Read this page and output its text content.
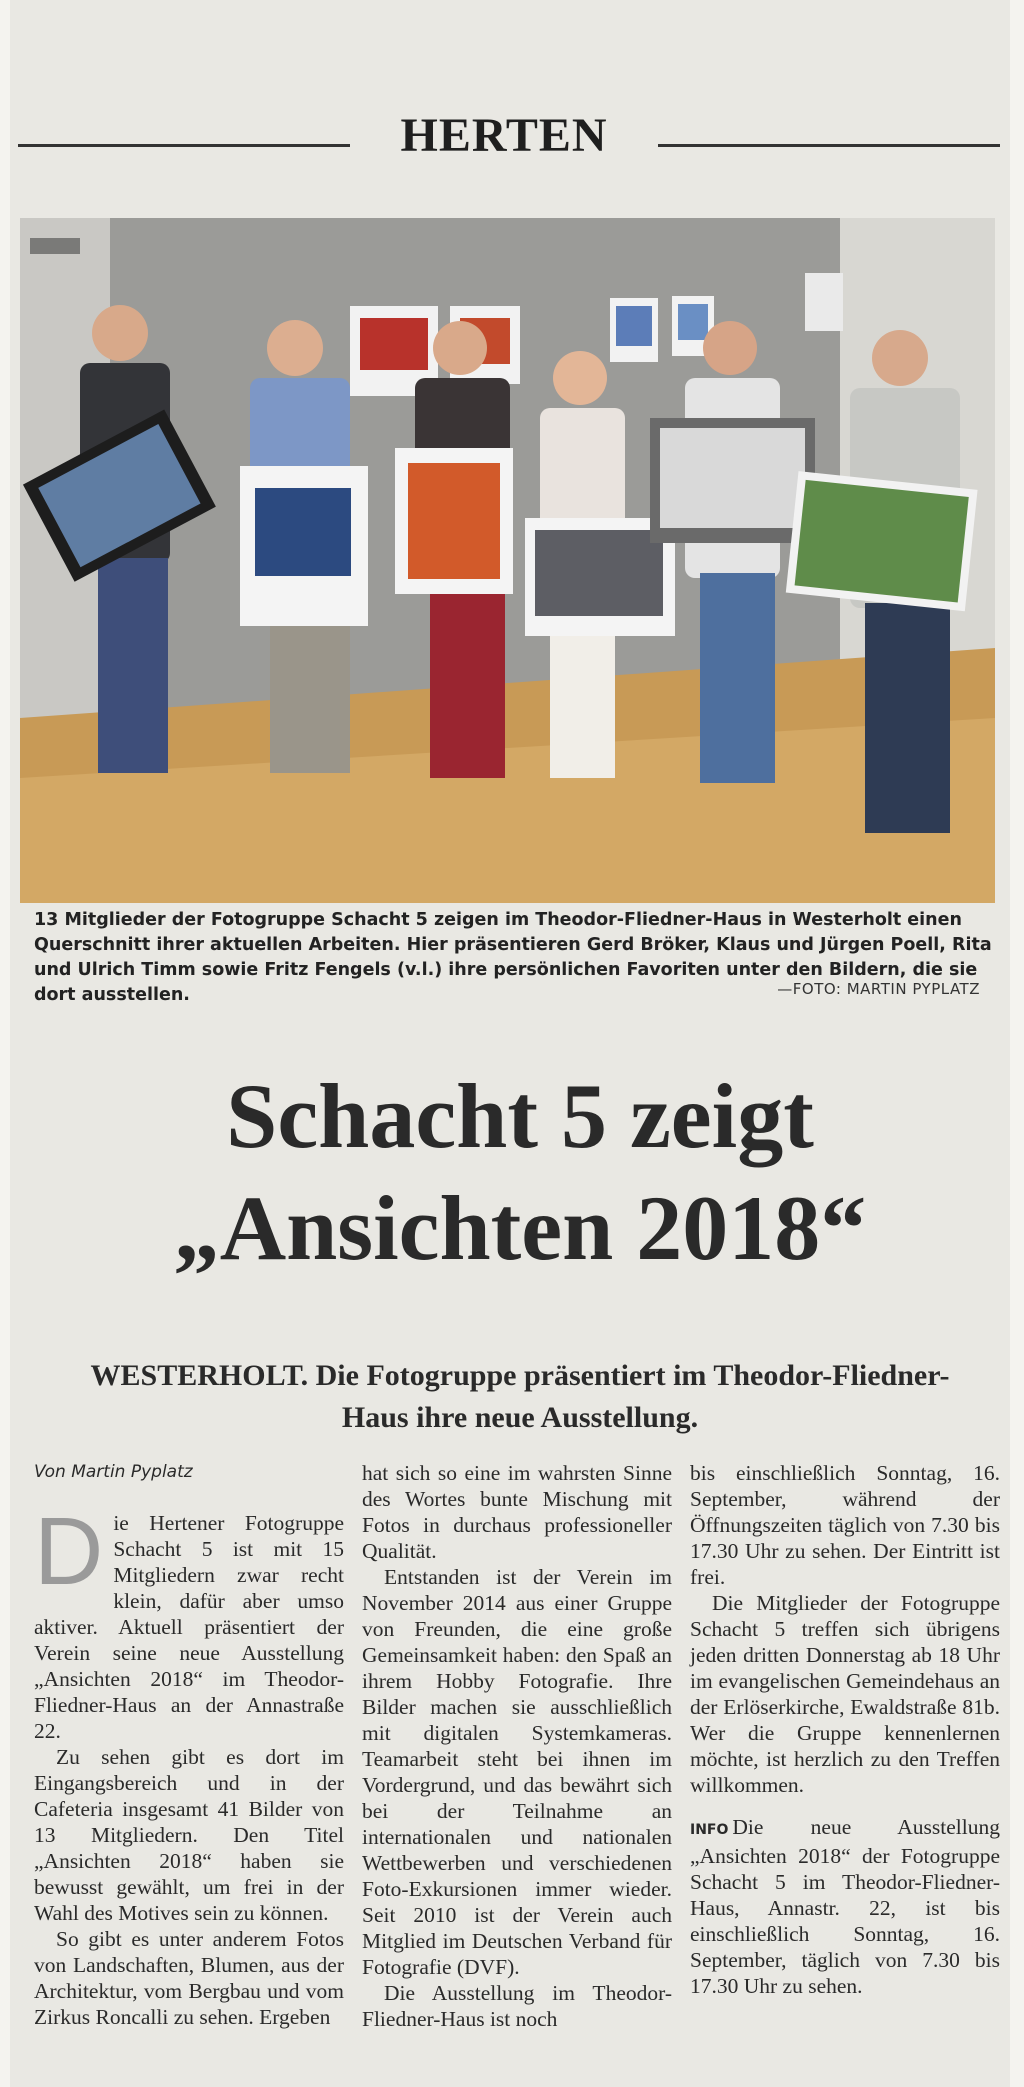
HERTEN
13 Mitglieder der Fotogruppe Schacht 5 zeigen im Theodor-Fliedner-Haus in Westerholt einen Querschnitt ihrer aktuellen Arbeiten. Hier präsentieren Gerd Bröker, Klaus und Jürgen Poell, Rita und Ulrich Timm sowie Fritz Fengels (v.l.) ihre persönlichen Favoriten unter den Bildern, die sie dort ausstellen.	—FOTO: MARTIN PYPLATZ
Schacht 5 zeigt
„Ansichten 2018“
WESTERHOLT. Die Fotogruppe präsentiert im Theodor-Fliedner-Haus ihre neue Ausstellung.
Von Martin Pyplatz

Die Hertener Fotogruppe Schacht 5 ist mit 15 Mitgliedern zwar recht klein, dafür aber umso aktiver. Aktuell präsentiert der Verein seine neue Ausstellung „Ansichten 2018“ im Theodor-Fliedner-Haus an der Annastraße 22.

Zu sehen gibt es dort im Eingangsbereich und in der Cafeteria insgesamt 41 Bilder von 13 Mitgliedern. Den Titel „Ansichten 2018“ haben sie bewusst gewählt, um frei in der Wahl des Motives sein zu können.

So gibt es unter anderem Fotos von Landschaften, Blumen, aus der Architektur, vom Bergbau und vom Zirkus Roncalli zu sehen. Ergeben

hat sich so eine im wahrsten Sinne des Wortes bunte Mischung mit Fotos in durchaus professioneller Qualität.

Entstanden ist der Verein im November 2014 aus einer Gruppe von Freunden, die eine große Gemeinsamkeit haben: den Spaß an ihrem Hobby Fotografie. Ihre Bilder machen sie ausschließlich mit digitalen Systemkameras. Teamarbeit steht bei ihnen im Vordergrund, und das bewährt sich bei der Teilnahme an internationalen und nationalen Wettbewerben und verschiedenen Foto-Exkursionen immer wieder. Seit 2010 ist der Verein auch Mitglied im Deutschen Verband für Fotografie (DVF).

Die Ausstellung im Theodor-Fliedner-Haus ist noch

bis einschließlich Sonntag, 16. September, während der Öffnungszeiten täglich von 7.30 bis 17.30 Uhr zu sehen. Der Eintritt ist frei.

Die Mitglieder der Fotogruppe Schacht 5 treffen sich übrigens jeden dritten Donnerstag ab 18 Uhr im evangelischen Gemeindehaus an der Erlöserkirche, Ewaldstraße 81b. Wer die Gruppe kennenlernen möchte, ist herzlich zu den Treffen willkommen.

INFO Die neue Ausstellung „Ansichten 2018“ der Fotogruppe Schacht 5 im Theodor-Fliedner-Haus, Annastr. 22, ist bis einschließlich Sonntag, 16. September, täglich von 7.30 bis 17.30 Uhr zu sehen.
